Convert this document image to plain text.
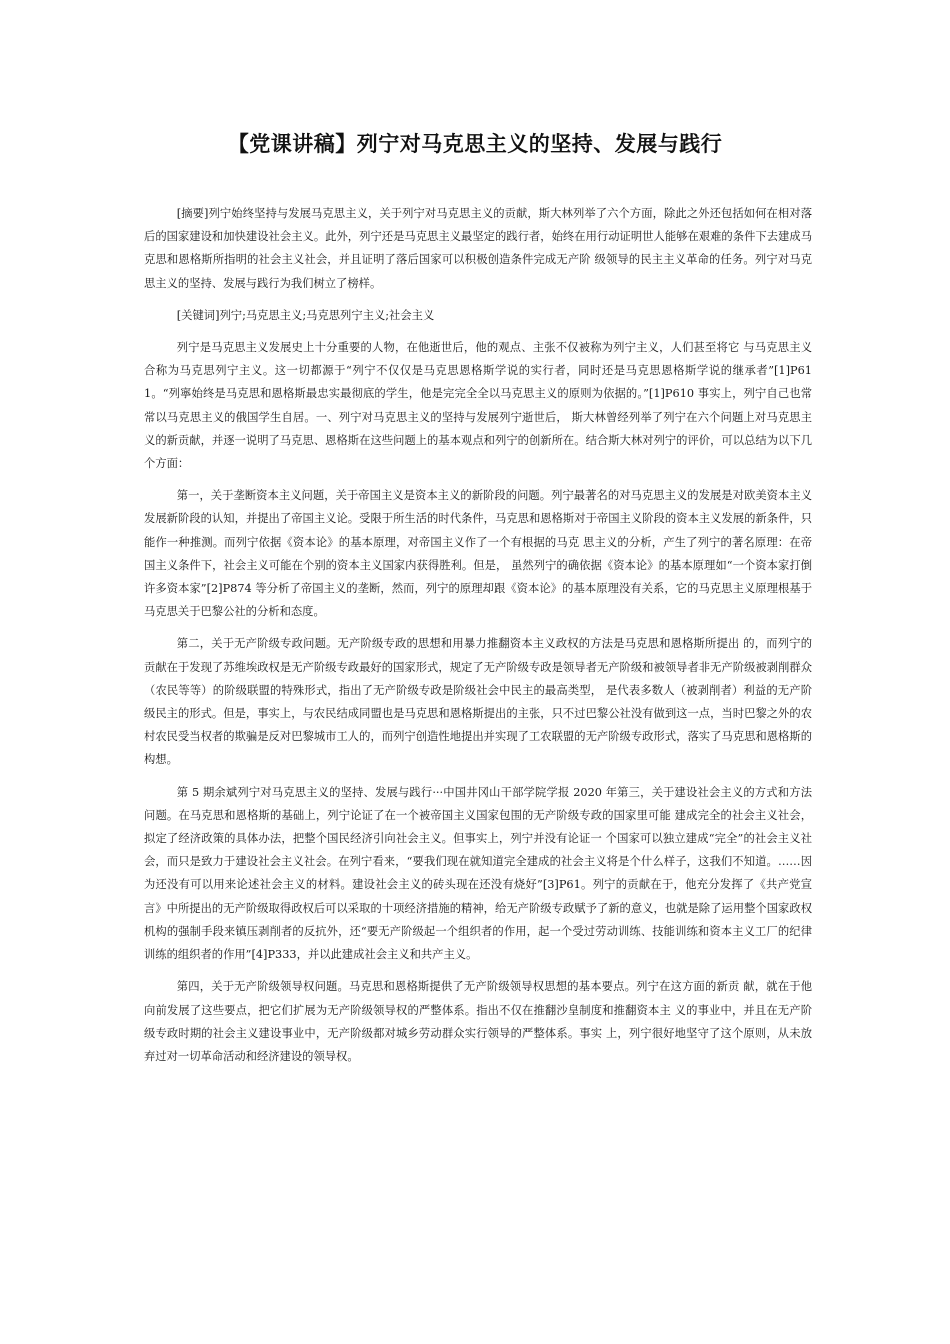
【党课讲稿】列宁对马克思主义的坚持、发展与践行

[摘要]列宁始终坚持与发展马克思主义，关于列宁对马克思主义的贡献，斯大林列举了六个方面，除此之外还包括如何在相对落后的国家建设和加快建设社会主义。此外，列宁还是马克思主义最坚定的践行者，始终在用行动证明世人能够在艰难的条件下去建成马克思和恩格斯所指明的社会主义社会，并且证明了落后国家可以积极创造条件完成无产阶 级领导的民主主义革命的任务。列宁对马克思主义的坚持、发展与践行为我们树立了榜样。

[关键词]列宁;马克思主义;马克思列宁主义;社会主义

列宁是马克思主义发展史上十分重要的人物，在他逝世后，他的观点、主张不仅被称为列宁主义，人们甚至将它 与马克思主义合称为马克思列宁主义。这一切都源于“列宁不仅仅是马克思恩格斯学说的实行者，同时还是马克思恩格斯学说的继承者”[1]P611。“列寧始终是马克思和恩格斯最忠实最彻底的学生，他是完完全全以马克思主义的原则为依据的。”[1]P610 事实上，列宁自己也常常以马克思主义的俄国学生自居。一、列宁对马克思主义的坚持与发展列宁逝世后， 斯大林曾经列举了列宁在六个问题上对马克思主义的新贡献，并逐一说明了马克思、恩格斯在这些问题上的基本观点和列宁的创新所在。结合斯大林对列宁的评价，可以总结为以下几个方面：

第一，关于垄断资本主义问题，关于帝国主义是资本主义的新阶段的问题。列宁最著名的对马克思主义的发展是对欧美资本主义发展新阶段的认知，并提出了帝国主义论。受限于所生活的时代条件，马克思和恩格斯对于帝国主义阶段的资本主义发展的新条件，只能作一种推测。而列宁依据《资本论》的基本原理，对帝国主义作了一个有根据的马克 思主义的分析，产生了列宁的著名原理：在帝国主义条件下，社会主义可能在个别的资本主义国家内获得胜利。但是， 虽然列宁的确依据《资本论》的基本原理如“一个资本家打倒许多资本家”[2]P874 等分析了帝国主义的垄断，然而，列宁的原理却跟《资本论》的基本原理没有关系，它的马克思主义原理根基于马克思关于巴黎公社的分析和态度。

第二，关于无产阶级专政问题。无产阶级专政的思想和用暴力推翻资本主义政权的方法是马克思和恩格斯所提出 的，而列宁的贡献在于发现了苏维埃政权是无产阶级专政最好的国家形式，规定了无产阶级专政是领导者无产阶级和被领导者非无产阶级被剥削群众（农民等等）的阶级联盟的特殊形式，指出了无产阶级专政是阶级社会中民主的最高类型， 是代表多数人（被剥削者）利益的无产阶级民主的形式。但是，事实上，与农民结成同盟也是马克思和恩格斯提出的主张，只不过巴黎公社没有做到这一点，当时巴黎之外的农村农民受当权者的欺骗是反对巴黎城市工人的，而列宁创造性地提出并实现了工农联盟的无产阶级专政形式，落实了马克思和恩格斯的构想。

第 5 期余斌列宁对马克思主义的坚持、发展与践行···中国井冈山干部学院学报 2020 年第三，关于建设社会主义的方式和方法问题。在马克思和恩格斯的基础上，列宁论证了在一个被帝国主义国家包围的无产阶级专政的国家里可能 建成完全的社会主义社会，拟定了经济政策的具体办法，把整个国民经济引向社会主义。但事实上，列宁并没有论证一 个国家可以独立建成“完全”的社会主义社会，而只是致力于建设社会主义社会。在列宁看来，“要我们现在就知道完全建成的社会主义将是个什么样子，这我们不知道。……因为还没有可以用来论述社会主义的材料。建设社会主义的砖头现在还没有烧好”[3]P61。列宁的贡献在于，他充分发挥了《共产党宣言》中所提出的无产阶级取得政权后可以采取的十项经济措施的精神，给无产阶级专政赋予了新的意义，也就是除了运用整个国家政权机构的强制手段来镇压剥削者的反抗外，还“要无产阶级起一个组织者的作用，起一个受过劳动训练、技能训练和资本主义工厂的纪律训练的组织者的作用”[4]P333，并以此建成社会主义和共产主义。

第四，关于无产阶级领导权问题。马克思和恩格斯提供了无产阶级领导权思想的基本要点。列宁在这方面的新贡 献，就在于他向前发展了这些要点，把它们扩展为无产阶级领导权的严整体系。指出不仅在推翻沙皇制度和推翻资本主 义的事业中，并且在无产阶级专政时期的社会主义建设事业中，无产阶级都对城乡劳动群众实行领导的严整体系。事实 上，列宁很好地坚守了这个原则，从未放弃过对一切革命活动和经济建设的领导权。
